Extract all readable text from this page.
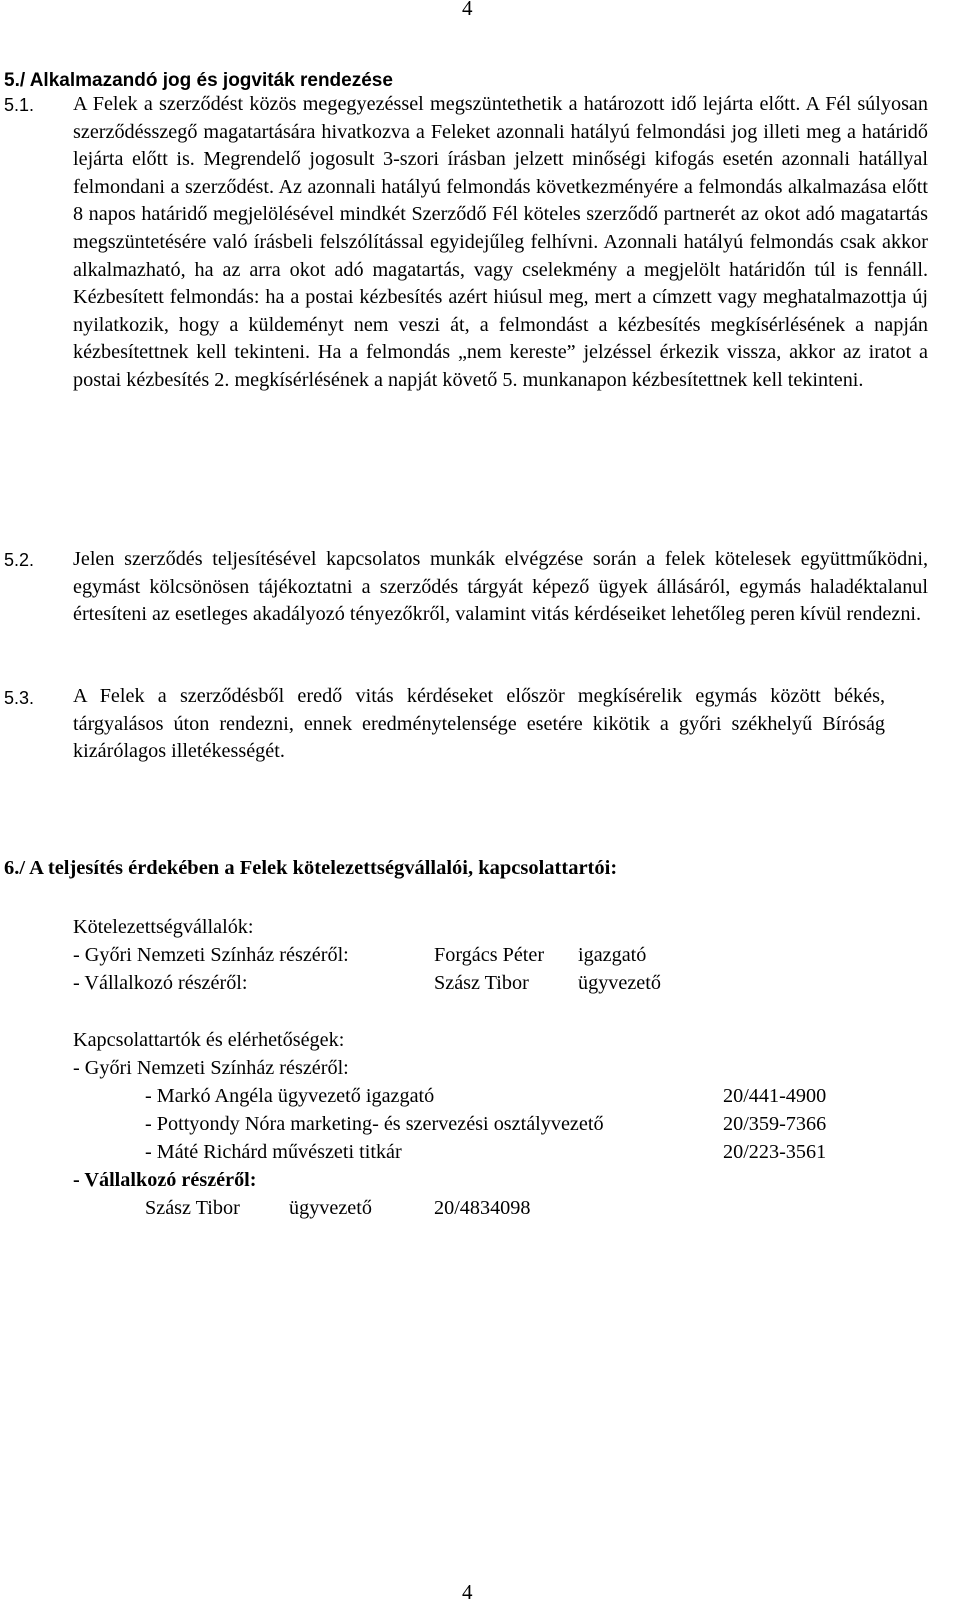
4
5./ Alkalmazandó jog és jogviták rendezése
5.1. A Felek a szerződést közös megegyezéssel megszüntethetik a határozott idő lejárta előtt. A Fél súlyosan szerződésszegő magatartására hivatkozva a Feleket azonnali hatályú felmondási jog illeti meg a határidő lejárta előtt is. Megrendelő jogosult 3-szori írásban jelzett minőségi kifogás esetén azonnali hatállyal felmondani a szerződést. Az azonnali hatályú felmondás következményére a felmondás alkalmazása előtt 8 napos határidő megjelölésével mindkét Szerződő Fél köteles szerződő partnerét az okot adó magatartás megszüntetésére való írásbeli felszólítással egyidejűleg felhívni. Azonnali hatályú felmondás csak akkor alkalmazható, ha az arra okot adó magatartás, vagy cselekmény a megjelölt határidőn túl is fennáll. Kézbesített felmondás: ha a postai kézbesítés azért hiúsul meg, mert a címzett vagy meghatalmazottja új nyilatkozik, hogy a küldeményt nem veszi át, a felmondást a kézbesítés megkísérlésének a napján kézbesítettnek kell tekinteni. Ha a felmondás „nem kereste” jelzéssel érkezik vissza, akkor az iratot a postai kézbesítés 2. megkísérlésének a napját követő 5. munkanapon kézbesítettnek kell tekinteni.
5.2. Jelen szerződés teljesítésével kapcsolatos munkák elvégzése során a felek kötelesek együttműködni, egymást kölcsönösen tájékoztatni a szerződés tárgyát képező ügyek állásáról, egymás haladéktalanul értesíteni az esetleges akadályozó tényezőkről, valamint vitás kérdéseiket lehetőleg peren kívül rendezni.
5.3. A Felek a szerződésből eredő vitás kérdéseket először megkísérelik egymás között békés, tárgyalásos úton rendezni, ennek eredménytelensége esetére kikötik a győri székhelyű Bíróság kizárólagos illetékességét.
6./ A teljesítés érdekében a Felek kötelezettségvállalói, kapcsolattartói:
Kötelezettségvállalók:
- Győri Nemzeti Színház részéről:	Forgács Péter igazgató
- Vállalkozó részéről:	Szász Tibor ügyvezető
Kapcsolattartók és elérhetőségek:
- Győri Nemzeti Színház részéről:
- Markó Angéla ügyvezető igazgató	20/441-4900
- Pottyondy Nóra marketing- és szervezési osztályvezető	20/359-7366
- Máté Richárd művészeti titkár	20/223-3561
- Vállalkozó részéről:
Szász Tibor ügyvezető	20/4834098
4
